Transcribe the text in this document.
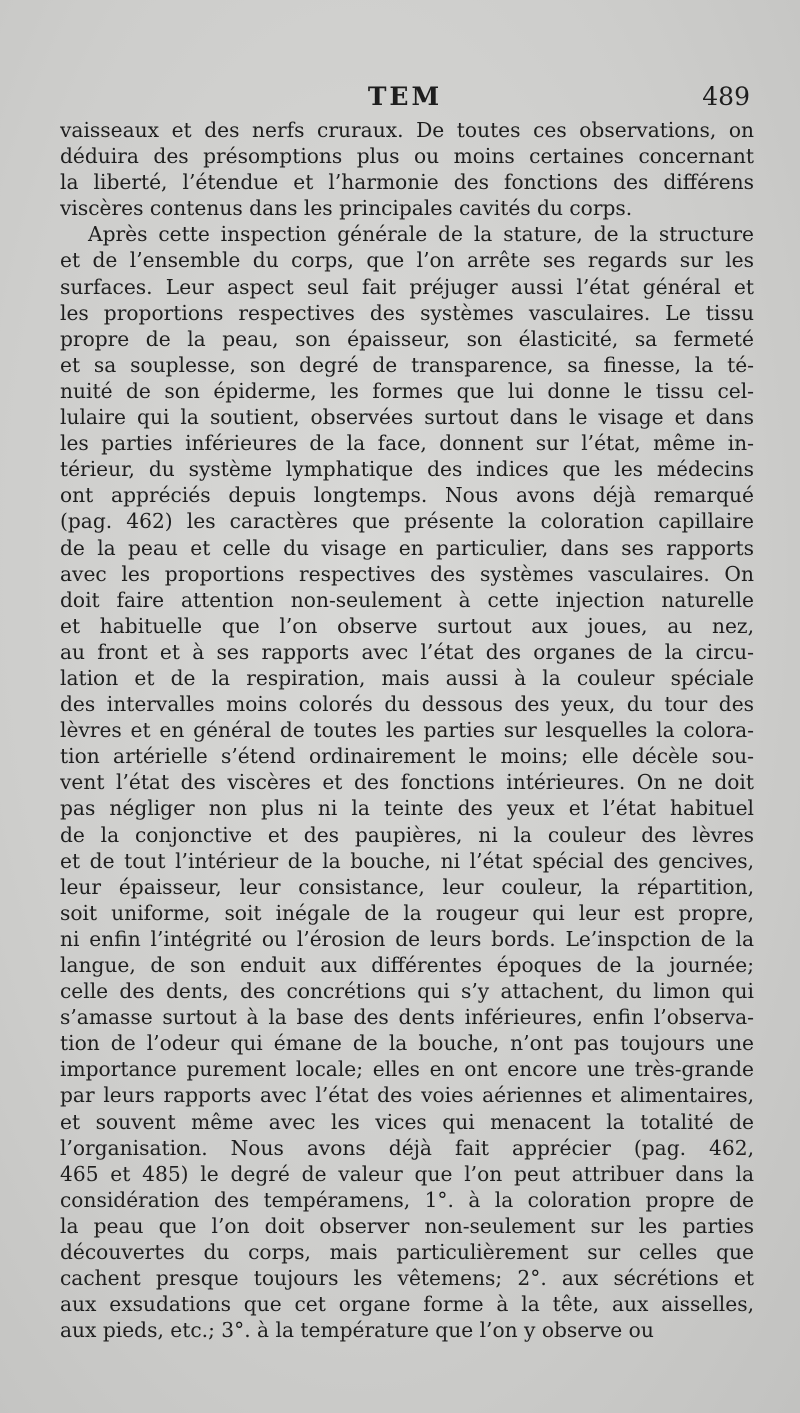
TEM	489
vaisseaux et des nerfs cruraux. De toutes ces observations, on
déduira des présomptions plus ou moins certaines concernant
la liberté, l’étendue et l’harmonie des fonctions des différens
viscères contenus dans les principales cavités du corps.
Après cette inspection générale de la stature, de la structure
et de l’ensemble du corps, que l’on arrête ses regards sur les
surfaces. Leur aspect seul fait préjuger aussi l’état général et
les proportions respectives des systèmes vasculaires. Le tissu
propre de la peau, son épaisseur, son élasticité, sa fermeté
et sa souplesse, son degré de transparence, sa finesse, la té-
nuité de son épiderme, les formes que lui donne le tissu cel-
lulaire qui la soutient, observées surtout dans le visage et dans
les parties inférieures de la face, donnent sur l’état, même in-
térieur, du système lymphatique des indices que les médecins
ont appréciés depuis longtemps. Nous avons déjà remarqué
(pag. 462) les caractères que présente la coloration capillaire
de la peau et celle du visage en particulier, dans ses rapports
avec les proportions respectives des systèmes vasculaires. On
doit faire attention non-seulement à cette injection naturelle
et habituelle que l’on observe surtout aux joues, au nez,
au front et à ses rapports avec l’état des organes de la circu-
lation et de la respiration, mais aussi à la couleur spéciale
des intervalles moins colorés du dessous des yeux, du tour des
lèvres et en général de toutes les parties sur lesquelles la colora-
tion artérielle s’étend ordinairement le moins; elle décèle sou-
vent l’état des viscères et des fonctions intérieures. On ne doit
pas négliger non plus ni la teinte des yeux et l’état habituel
de la conjonctive et des paupières, ni la couleur des lèvres
et de tout l’intérieur de la bouche, ni l’état spécial des gencives,
leur épaisseur, leur consistance, leur couleur, la répartition,
soit uniforme, soit inégale de la rougeur qui leur est propre,
ni enfin l’intégrité ou l’érosion de leurs bords. Le’inspction de la
langue, de son enduit aux différentes époques de la journée;
celle des dents, des concrétions qui s’y attachent, du limon qui
s’amasse surtout à la base des dents inférieures, enfin l’observa-
tion de l’odeur qui émane de la bouche, n’ont pas toujours une
importance purement locale; elles en ont encore une très-grande
par leurs rapports avec l’état des voies aériennes et alimentaires,
et souvent même avec les vices qui menacent la totalité de
l’organisation. Nous avons déjà fait apprécier (pag. 462,
465 et 485) le degré de valeur que l’on peut attribuer dans la
considération des tempéramens, 1°. à la coloration propre de
la peau que l’on doit observer non-seulement sur les parties
découvertes du corps, mais particulièrement sur celles que
cachent presque toujours les vêtemens; 2°. aux sécrétions et
aux exsudations que cet organe forme à la tête, aux aisselles,
aux pieds, etc.; 3°. à la température que l’on y observe ou
